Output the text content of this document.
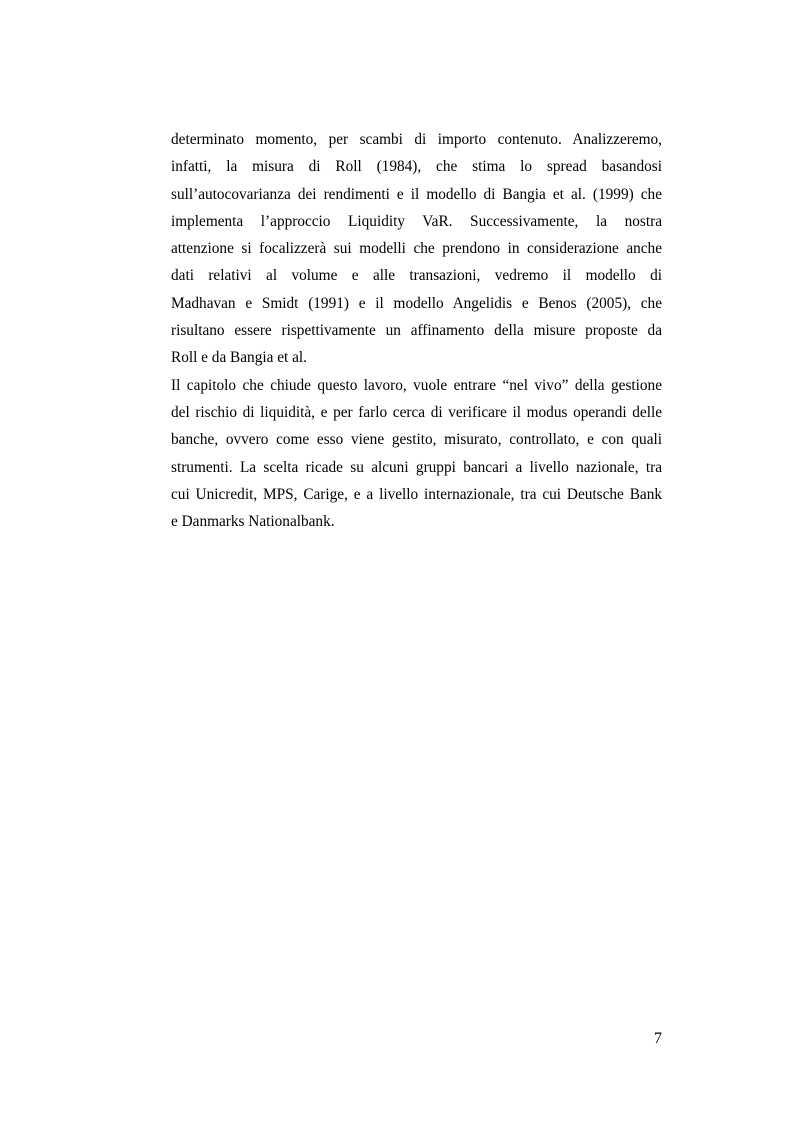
determinato momento, per scambi di importo contenuto. Analizzeremo,
infatti, la misura di Roll (1984), che stima lo spread basandosi
sull’autocovarianza dei rendimenti e il modello di Bangia et al. (1999) che
implementa l’approccio Liquidity VaR. Successivamente, la nostra
attenzione si focalizzerà sui modelli che prendono in considerazione anche
dati relativi al volume e alle transazioni, vedremo il modello di
Madhavan e Smidt (1991) e il modello Angelidis e Benos (2005), che
risultano essere rispettivamente un affinamento della misure proposte da
Roll e da Bangia et al.
Il capitolo che chiude questo lavoro, vuole entrare “nel vivo” della gestione
del rischio di liquidità, e per farlo cerca di verificare il modus operandi delle
banche, ovvero come esso viene gestito, misurato, controllato, e con quali
strumenti. La scelta ricade su alcuni gruppi bancari a livello nazionale, tra
cui Unicredit, MPS, Carige, e a livello internazionale, tra cui Deutsche Bank
e Danmarks Nationalbank.
7
